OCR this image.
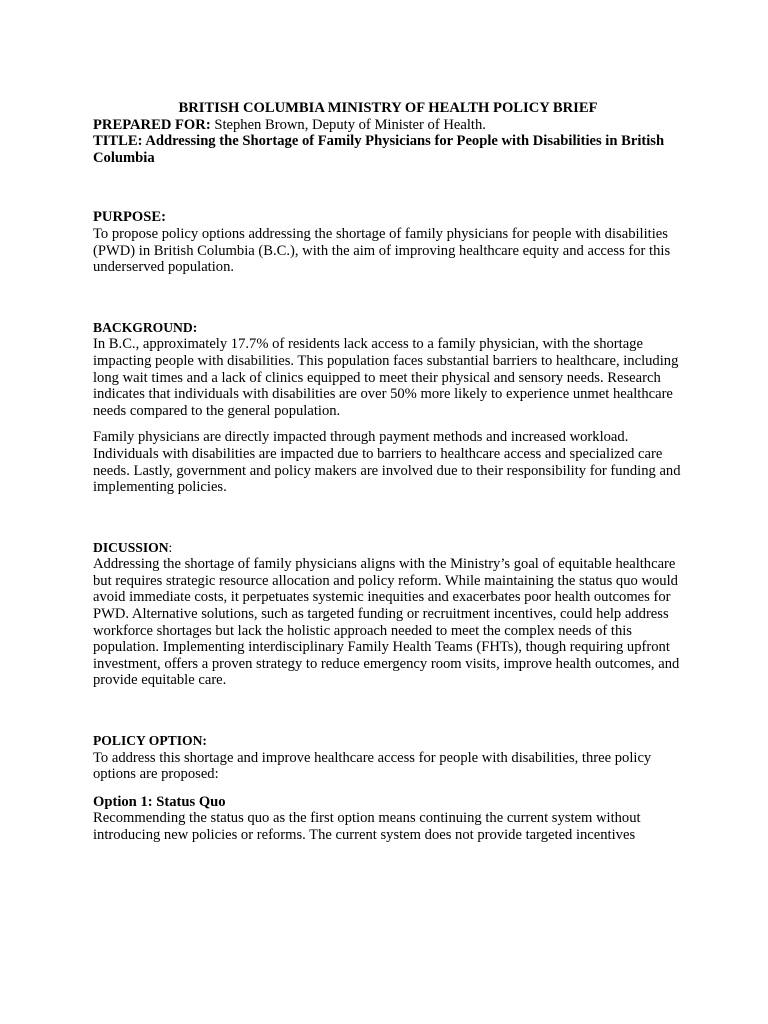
BRITISH COLUMBIA MINISTRY OF HEALTH POLICY BRIEF

PREPARED FOR: Stephen Brown, Deputy of Minister of Health.

TITLE: Addressing the Shortage of Family Physicians for People with Disabilities in British Columbia

PURPOSE:

To propose policy options addressing the shortage of family physicians for people with disabilities (PWD) in British Columbia (B.C.), with the aim of improving healthcare equity and access for this underserved population.

BACKGROUND:

In B.C., approximately 17.7% of residents lack access to a family physician, with the shortage impacting people with disabilities. This population faces substantial barriers to healthcare, including long wait times and a lack of clinics equipped to meet their physical and sensory needs. Research indicates that individuals with disabilities are over 50% more likely to experience unmet healthcare needs compared to the general population.

Family physicians are directly impacted through payment methods and increased workload. Individuals with disabilities are impacted due to barriers to healthcare access and specialized care needs. Lastly, government and policy makers are involved due to their responsibility for funding and implementing policies.

DICUSSION:

Addressing the shortage of family physicians aligns with the Ministry’s goal of equitable healthcare but requires strategic resource allocation and policy reform. While maintaining the status quo would avoid immediate costs, it perpetuates systemic inequities and exacerbates poor health outcomes for PWD. Alternative solutions, such as targeted funding or recruitment incentives, could help address workforce shortages but lack the holistic approach needed to meet the complex needs of this population. Implementing interdisciplinary Family Health Teams (FHTs), though requiring upfront investment, offers a proven strategy to reduce emergency room visits, improve health outcomes, and provide equitable care.

POLICY OPTION:

To address this shortage and improve healthcare access for people with disabilities, three policy options are proposed:

Option 1: Status Quo

Recommending the status quo as the first option means continuing the current system without introducing new policies or reforms. The current system does not provide targeted incentives
